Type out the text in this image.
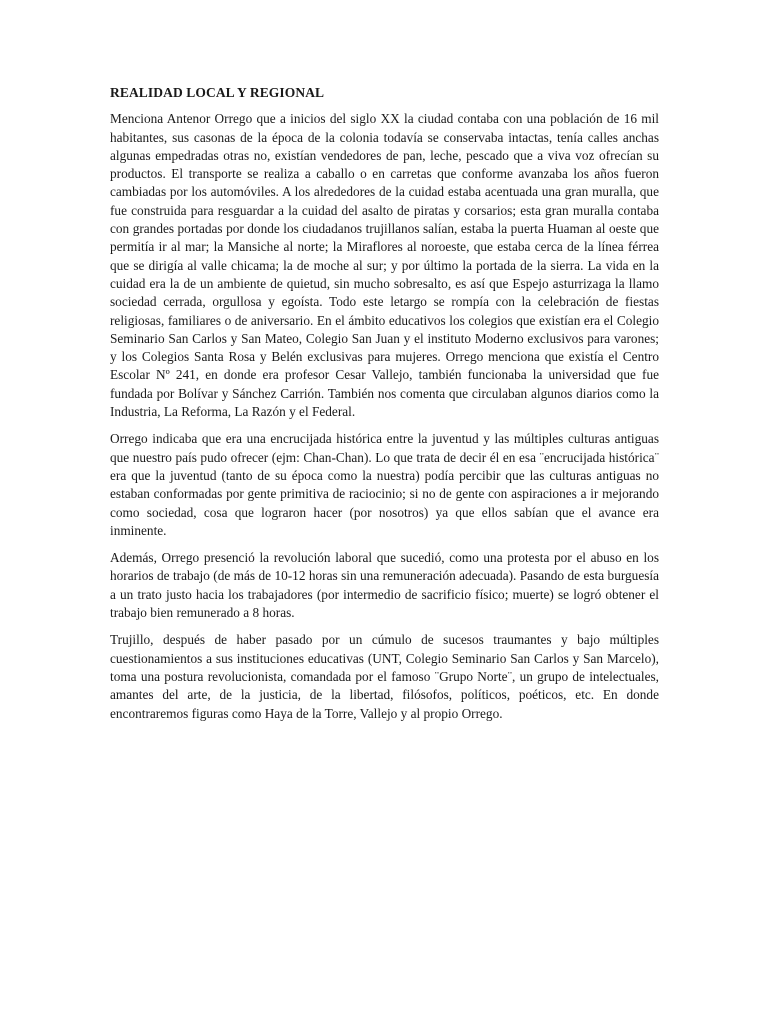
REALIDAD LOCAL Y REGIONAL

Menciona Antenor Orrego que a inicios del siglo XX la ciudad contaba con una población de 16 mil habitantes, sus casonas de la época de la colonia todavía se conservaba intactas, tenía calles anchas algunas empedradas otras no, existían vendedores de pan, leche, pescado que a viva voz ofrecían su productos. El transporte se realiza a caballo o en carretas que conforme avanzaba los años fueron cambiadas por los automóviles. A los alrededores de la cuidad estaba acentuada una gran muralla, que fue construida para resguardar a la cuidad del asalto de piratas y corsarios; esta gran muralla contaba con grandes portadas por donde los ciudadanos trujillanos salían, estaba la puerta Huaman al oeste que permitía ir al mar; la Mansiche al norte; la Miraflores al noroeste, que estaba cerca de la línea férrea que se dirigía al valle chicama; la de moche al sur; y por último la portada de la sierra. La vida en la cuidad era la de un ambiente de quietud, sin mucho sobresalto, es así que Espejo asturrizaga la llamo sociedad cerrada, orgullosa y egoísta. Todo este letargo se rompía con la celebración de fiestas religiosas, familiares o de aniversario. En el ámbito educativos los colegios que existían era el Colegio Seminario San Carlos y San Mateo, Colegio San Juan y el instituto Moderno exclusivos para varones; y los Colegios Santa Rosa y Belén exclusivas para mujeres. Orrego menciona que existía el Centro Escolar Nº 241, en donde era profesor Cesar Vallejo, también funcionaba la universidad que fue fundada por Bolívar y Sánchez Carrión. También nos comenta que circulaban algunos diarios como la Industria, La Reforma, La Razón y el Federal.

Orrego indicaba que era una encrucijada histórica entre la juventud y las múltiples culturas antiguas que nuestro país pudo ofrecer (ejm: Chan-Chan). Lo que trata de decir él en esa ¨encrucijada histórica¨ era que la juventud (tanto de su época como la nuestra) podía percibir que las culturas antiguas no estaban conformadas por gente primitiva de raciocinio; si no de gente con aspiraciones a ir mejorando como sociedad, cosa que lograron hacer (por nosotros) ya que ellos sabían que el avance era inminente.

Además, Orrego presenció la revolución laboral que sucedió, como una protesta por el abuso en los horarios de trabajo (de más de 10-12 horas sin una remuneración adecuada). Pasando de esta burguesía a un trato justo hacia los trabajadores (por intermedio de sacrificio físico; muerte) se logró obtener el trabajo bien remunerado a 8 horas.

Trujillo, después de haber pasado por un cúmulo de sucesos traumantes y bajo múltiples cuestionamientos a sus instituciones educativas (UNT, Colegio Seminario San Carlos y San Marcelo), toma una postura revolucionista, comandada por el famoso ¨Grupo Norte¨, un grupo de intelectuales, amantes del arte, de la justicia, de la libertad, filósofos, políticos, poéticos, etc. En donde encontraremos figuras como Haya de la Torre, Vallejo y al propio Orrego.
